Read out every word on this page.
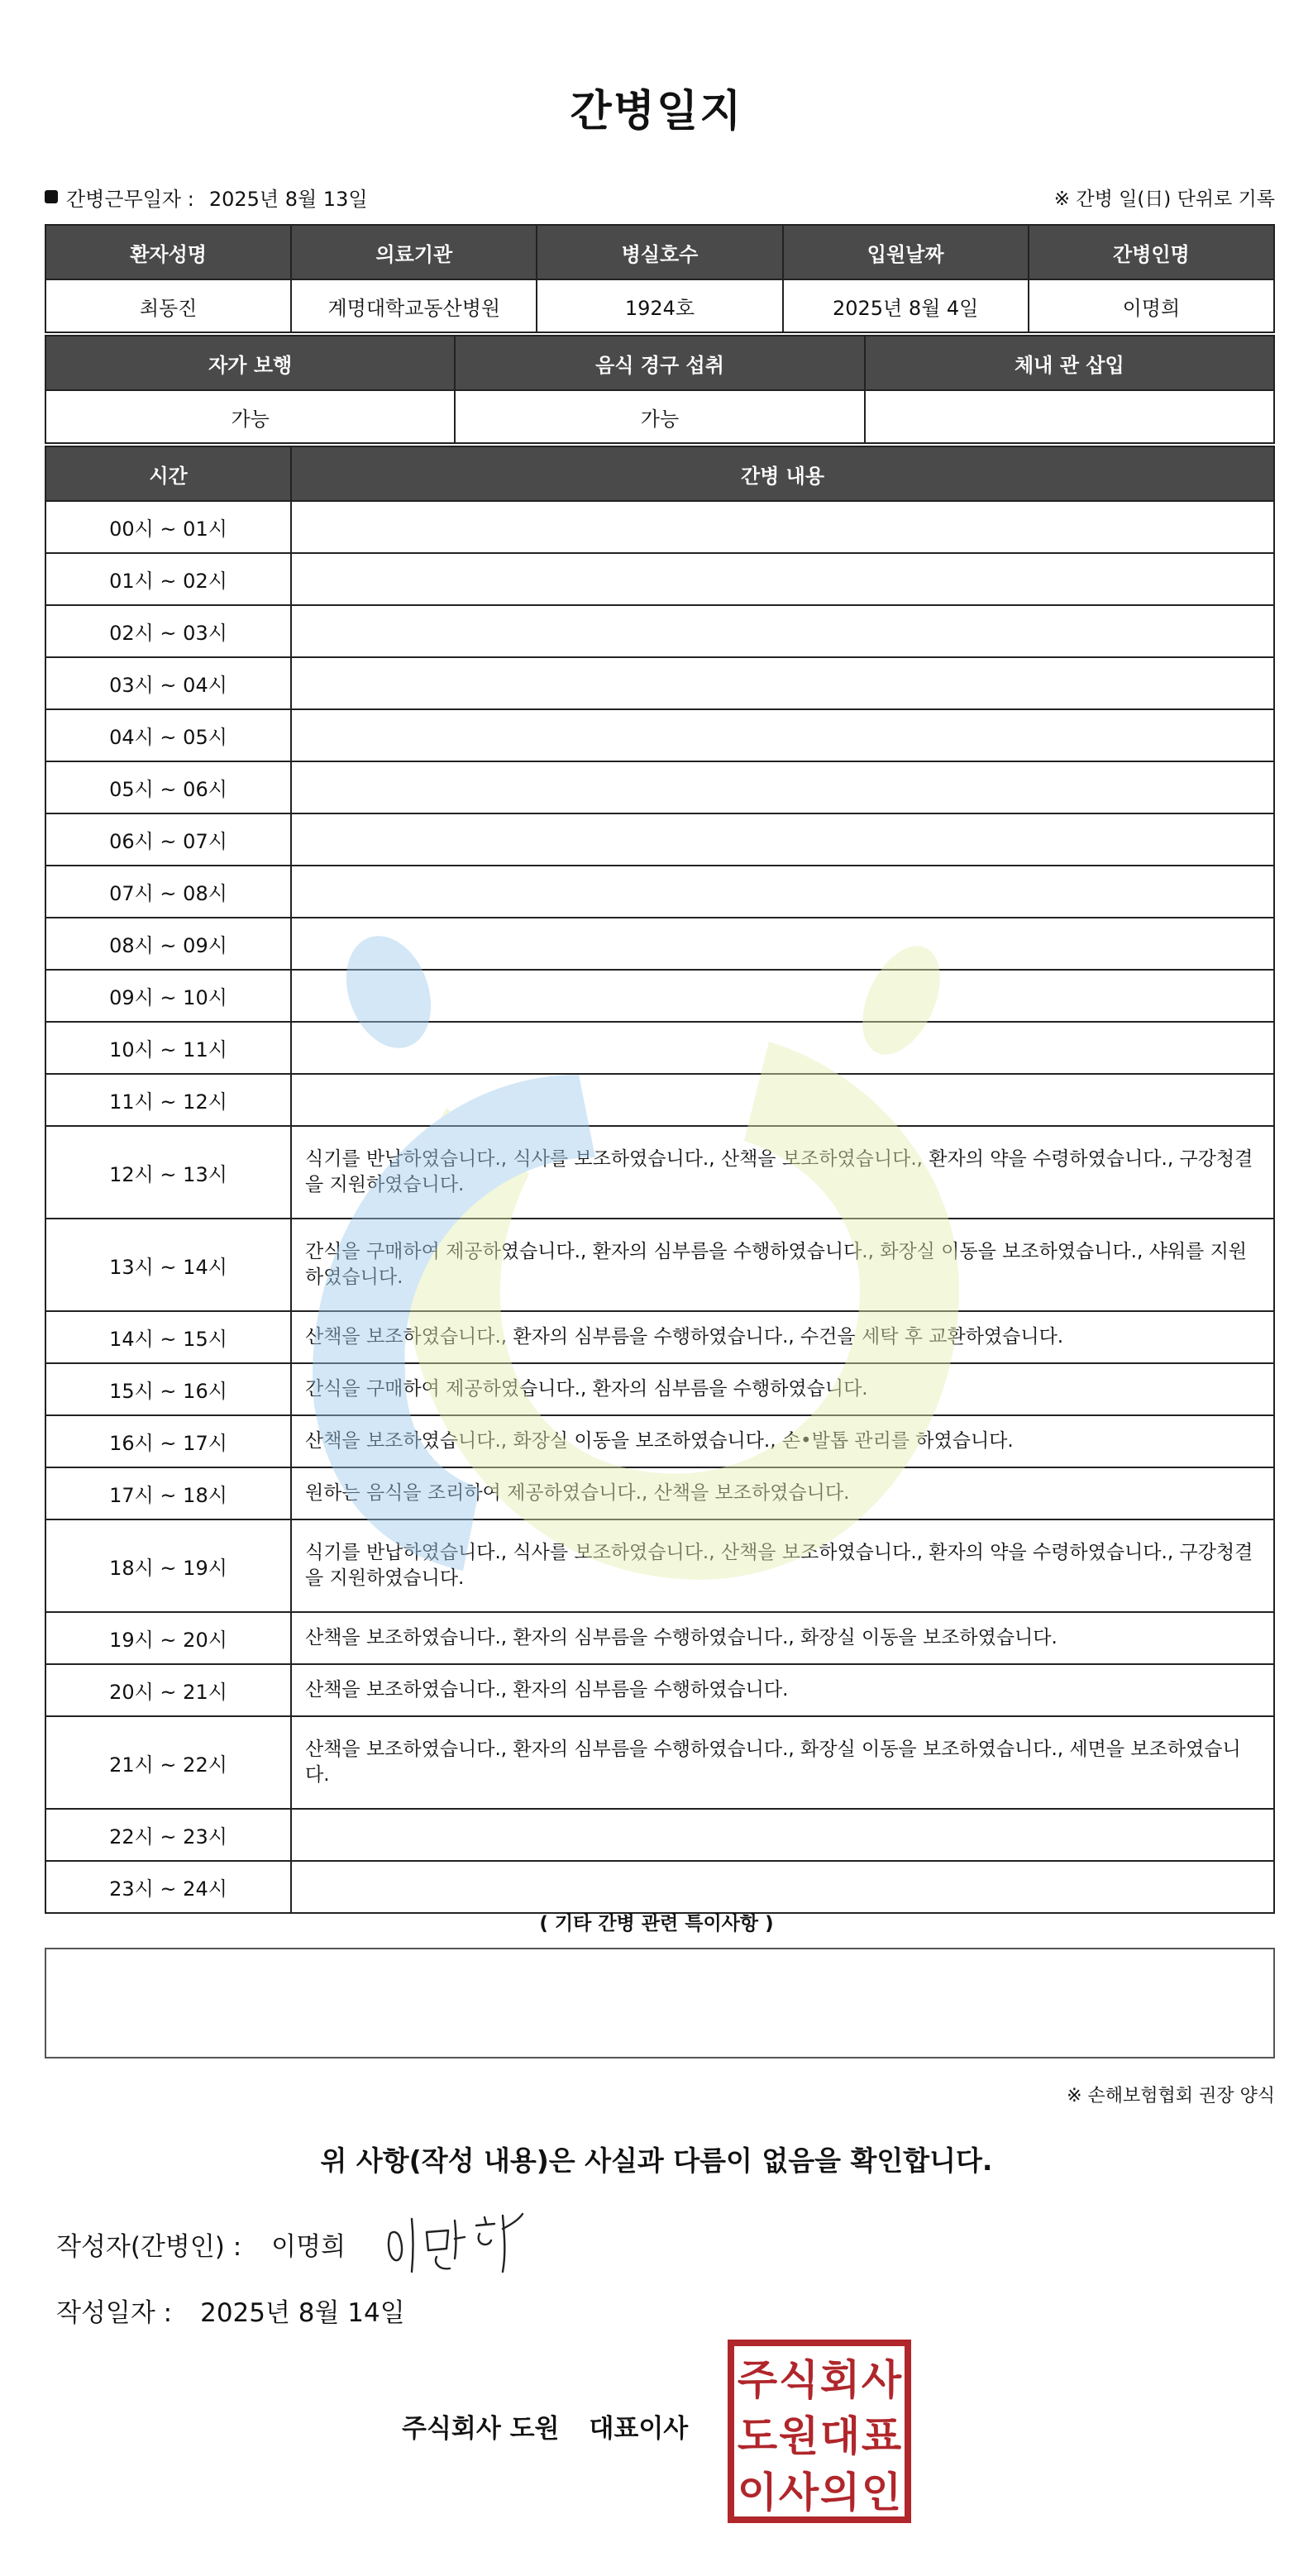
간병일지
간병근무일자 : 2025년 8월 13일	※ 간병 일(日) 단위로 기록
환자성명	의료기관	병실호수	입원날짜	간병인명
최동진	계명대학교동산병원	1924호	2025년 8월 4일	이명희
자가 보행	음식 경구 섭취	체내 관 삽입
가능	가능	
시간	간병 내용
00시 ~ 01시	
01시 ~ 02시	
02시 ~ 03시	
03시 ~ 04시	
04시 ~ 05시	
05시 ~ 06시	
06시 ~ 07시	
07시 ~ 08시	
08시 ~ 09시	
09시 ~ 10시	
10시 ~ 11시	
11시 ~ 12시	
12시 ~ 13시	식기를 반납하였습니다., 식사를 보조하였습니다., 산책을 보조하였습니다., 환자의 약을 수령하였습니다., 구강청결을 지원하였습니다.
13시 ~ 14시	간식을 구매하여 제공하였습니다., 환자의 심부름을 수행하였습니다., 화장실 이동을 보조하였습니다., 샤워를 지원하였습니다.
14시 ~ 15시	산책을 보조하였습니다., 환자의 심부름을 수행하였습니다., 수건을 세탁 후 교환하였습니다.
15시 ~ 16시	간식을 구매하여 제공하였습니다., 환자의 심부름을 수행하였습니다.
16시 ~ 17시	산책을 보조하였습니다., 화장실 이동을 보조하였습니다., 손•발톱 관리를 하였습니다.
17시 ~ 18시	원하는 음식을 조리하여 제공하였습니다., 산책을 보조하였습니다.
18시 ~ 19시	식기를 반납하였습니다., 식사를 보조하였습니다., 산책을 보조하였습니다., 환자의 약을 수령하였습니다., 구강청결을 지원하였습니다.
19시 ~ 20시	산책을 보조하였습니다., 환자의 심부름을 수행하였습니다., 화장실 이동을 보조하였습니다.
20시 ~ 21시	산책을 보조하였습니다., 환자의 심부름을 수행하였습니다.
21시 ~ 22시	산책을 보조하였습니다., 환자의 심부름을 수행하였습니다., 화장실 이동을 보조하였습니다., 세면을 보조하였습니다.
22시 ~ 23시	
23시 ~ 24시	
( 기타 간병 관련 특이사항 )
※ 손해보험협회 권장 양식
위 사항(작성 내용)은 사실과 다름이 없음을 확인합니다.
작성자(간병인) : 이명희
작성일자 : 2025년 8월 14일
주식회사 도원 대표이사
주 식 회 사
도 원 대 표
이 사 의 인
